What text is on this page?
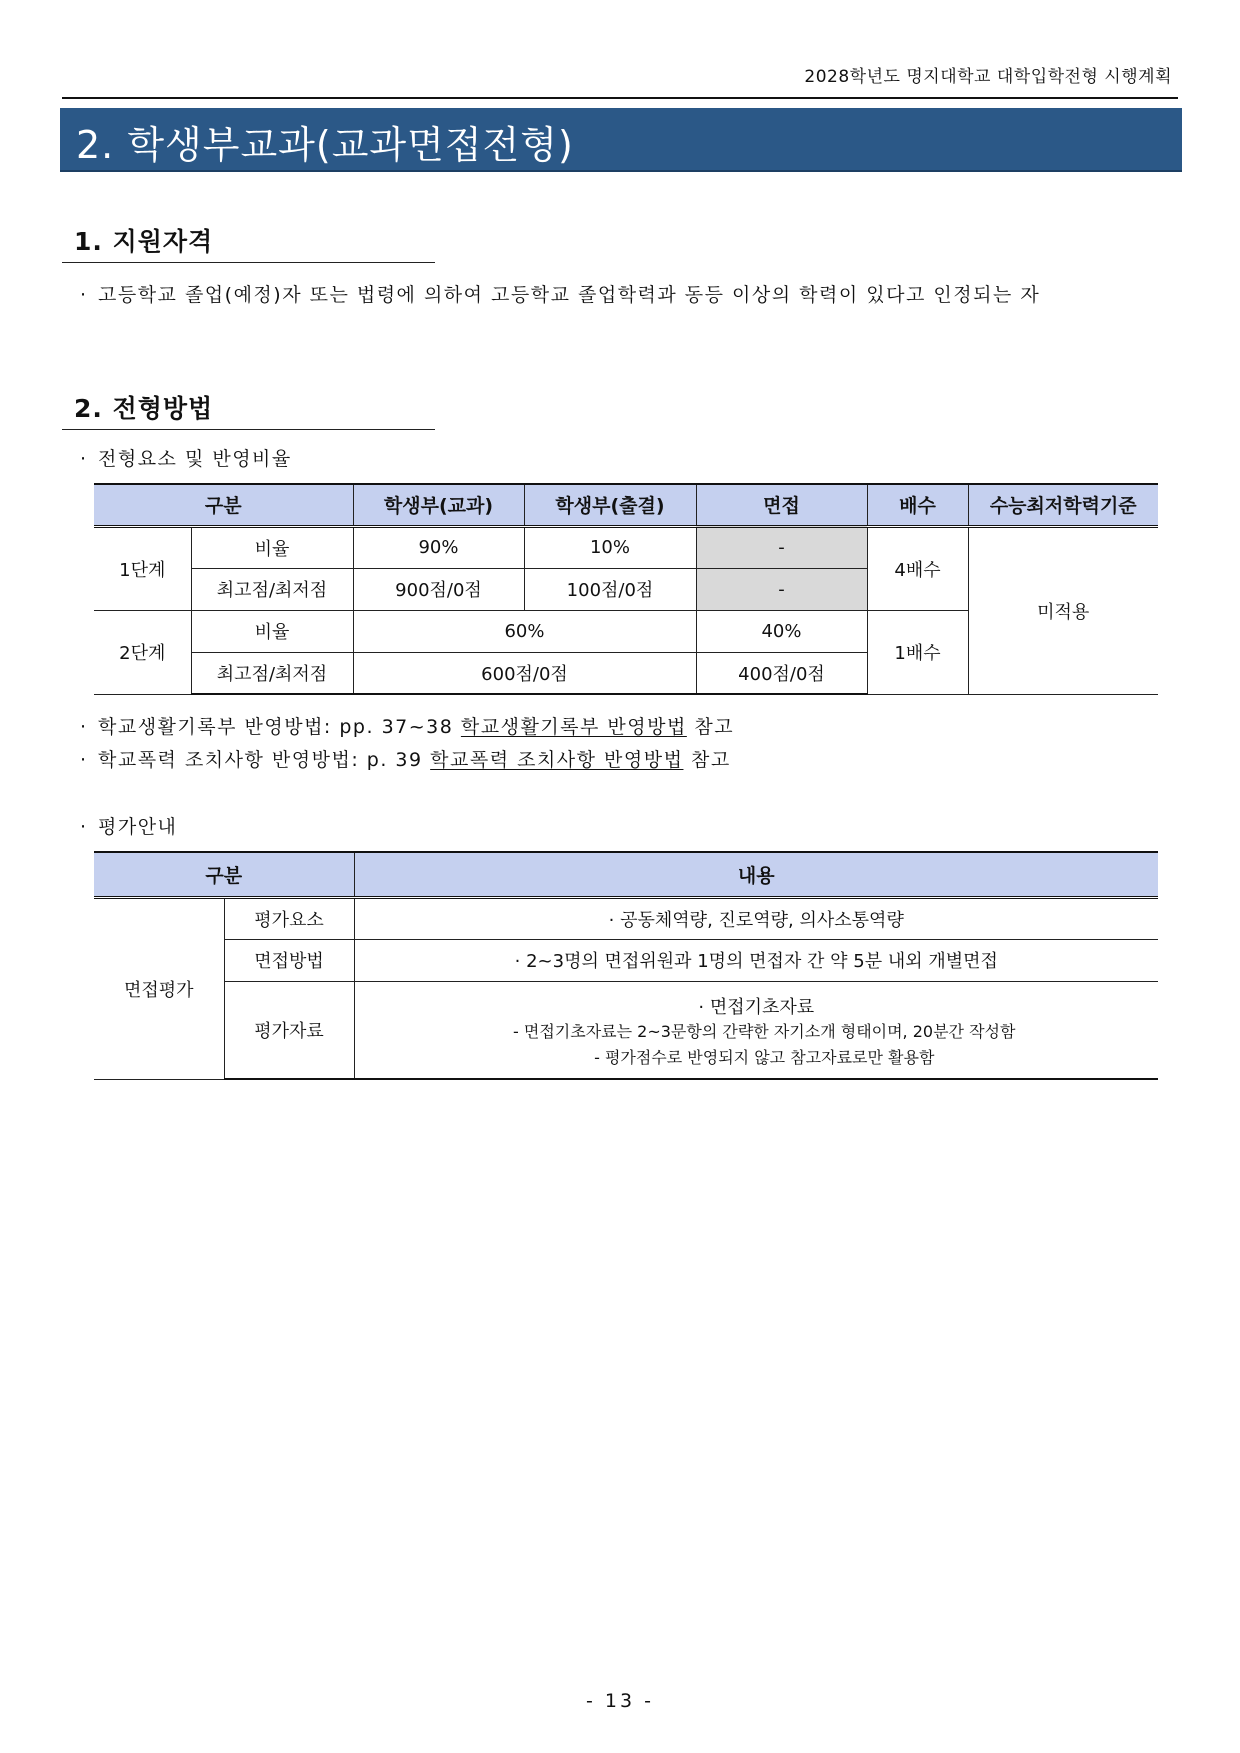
2028학년도 명지대학교 대학입학전형 시행계획
2. 학생부교과(교과면접전형)
1. 지원자격
· 고등학교 졸업(예정)자 또는 법령에 의하여 고등학교 졸업학력과 동등 이상의 학력이 있다고 인정되는 자
2. 전형방법
· 전형요소 및 반영비율
구분		학생부(교과)	학생부(출결)	면접	배수	수능최저학력기준
1단계	비율	90%	10%	-	4배수	미적용
	최고점/최저점	900점/0점	100점/0점	-		
2단계	비율	60%		40%	1배수	
	최고점/최저점	600점/0점		400점/0점		
· 학교생활기록부 반영방법: pp. 37~38 학교생활기록부 반영방법 참고
· 학교폭력 조치사항 반영방법: p. 39 학교폭력 조치사항 반영방법 참고
· 평가안내
구분		내용
면접평가	평가요소	· 공동체역량, 진로역량, 의사소통역량
	면접방법	· 2~3명의 면접위원과 1명의 면접자 간 약 5분 내외 개별면접
	평가자료	· 면접기초자료
- 면접기초자료는 2~3문항의 간략한 자기소개 형태이며, 20분간 작성함
- 평가점수로 반영되지 않고 참고자료로만 활용함
- 13 -
